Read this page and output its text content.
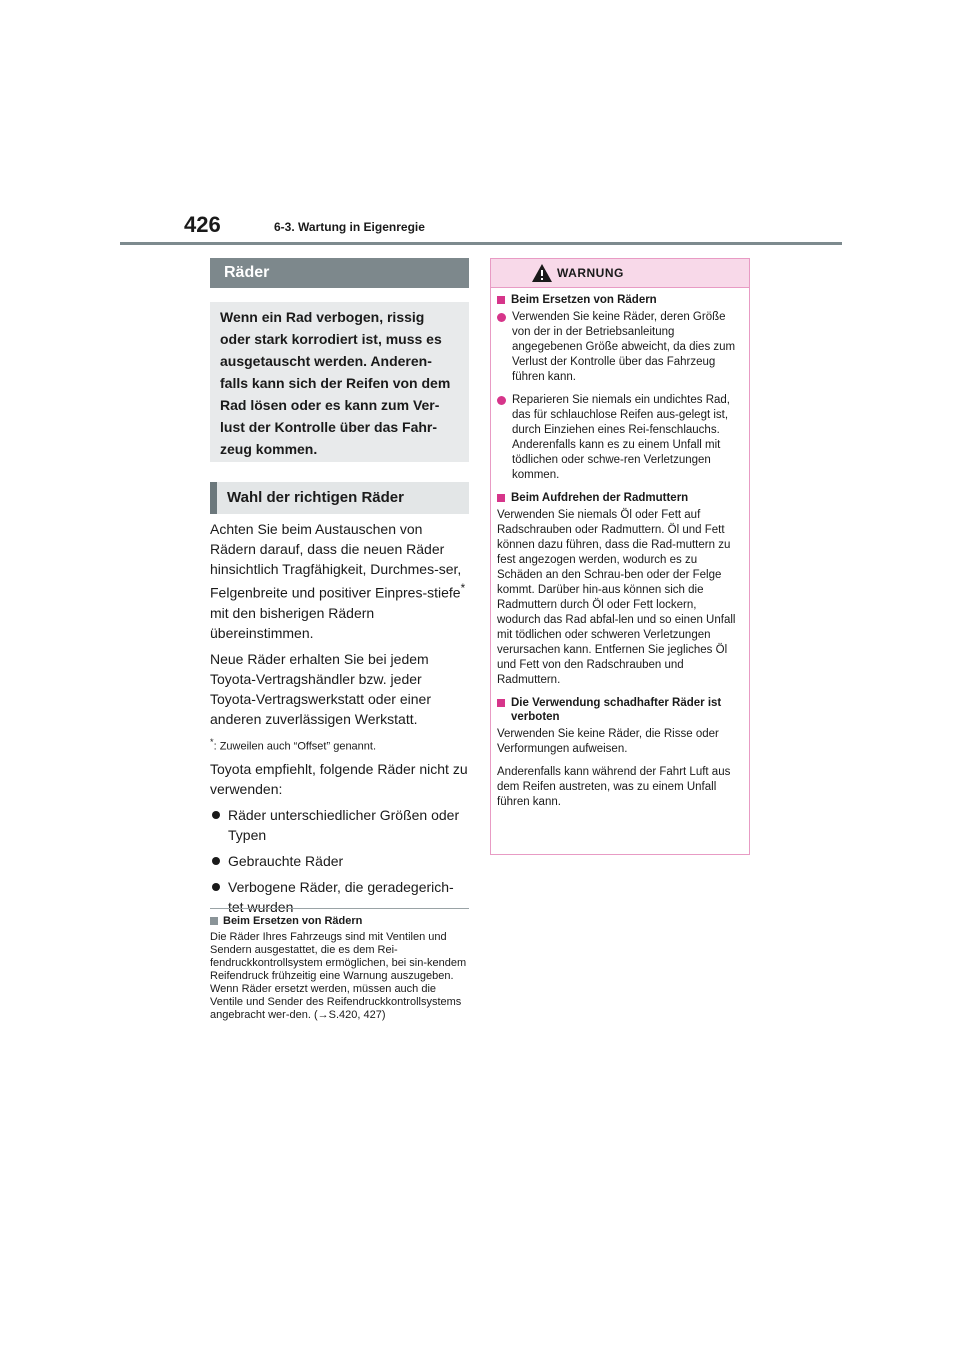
426	6-3. Wartung in Eigenregie
Räder
Wenn ein Rad verbogen, rissig
oder stark korrodiert ist, muss es
ausgetauscht werden. Anderen-
falls kann sich der Reifen von dem
Rad lösen oder es kann zum Ver-
lust der Kontrolle über das Fahr-
zeug kommen.
Wahl der richtigen Räder

Achten Sie beim Austauschen von Rädern darauf, dass die neuen Räder hinsichtlich Tragfähigkeit, Durchmes-ser, Felgenbreite und positiver Einpres-stiefe* mit den bisherigen Rädern übereinstimmen.

Neue Räder erhalten Sie bei jedem Toyota-Vertragshändler bzw. jeder Toyota-Vertragswerkstatt oder einer anderen zuverlässigen Werkstatt.

*: Zuweilen auch “Offset” genannt.

Toyota empfiehlt, folgende Räder nicht zu verwenden:

Räder unterschiedlicher Größen oder Typen
Gebrauchte Räder
Verbogene Räder, die geradegerich-tet wurden
Beim Ersetzen von Rädern
Die Räder Ihres Fahrzeugs sind mit Ventilen und Sendern ausgestattet, die es dem Rei-fendruckkontrollsystem ermöglichen, bei sin-kendem Reifendruck frühzeitig eine Warnung auszugeben. Wenn Räder ersetzt werden, müssen auch die Ventile und Sender des Reifendruckkontrollsystems angebracht wer-den. (→S.420, 427)
WARNUNG
Beim Ersetzen von Rädern
Verwenden Sie keine Räder, deren Größe von der in der Betriebsanleitung angegebenen Größe abweicht, da dies zum Verlust der Kontrolle über das Fahrzeug führen kann.
Reparieren Sie niemals ein undichtes Rad, das für schlauchlose Reifen aus-gelegt ist, durch Einziehen eines Rei-fenschlauchs. Anderenfalls kann es zu einem Unfall mit tödlichen oder schwe-ren Verletzungen kommen.
Beim Aufdrehen der Radmuttern

Verwenden Sie niemals Öl oder Fett auf Radschrauben oder Radmuttern. Öl und Fett können dazu führen, dass die Rad-muttern zu fest angezogen werden, wodurch es zu Schäden an den Schrau-ben oder der Felge kommt. Darüber hin-aus können sich die Radmuttern durch Öl oder Fett lockern, wodurch das Rad abfal-len und so einen Unfall mit tödlichen oder schweren Verletzungen verursachen kann. Entfernen Sie jegliches Öl und Fett von den Radschrauben und Radmuttern.

Die Verwendung schadhafter Räder ist verboten

Verwenden Sie keine Räder, die Risse oder Verformungen aufweisen.

Anderenfalls kann während der Fahrt Luft aus dem Reifen austreten, was zu einem Unfall führen kann.
